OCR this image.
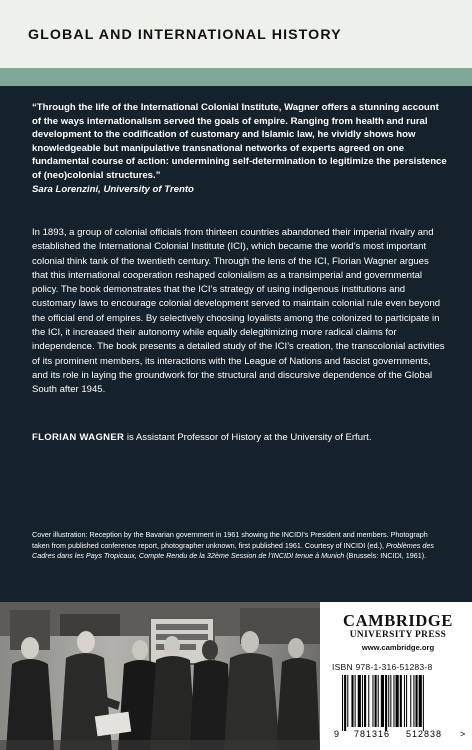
GLOBAL AND INTERNATIONAL HISTORY
“Through the life of the International Colonial Institute, Wagner offers a stunning account of the ways internationalism served the goals of empire. Ranging from health and rural development to the codification of customary and Islamic law, he vividly shows how knowledgeable but manipulative transnational networks of experts agreed on one fundamental course of action: undermining self-determination to legitimize the persistence of (neo)colonial structures.”
Sara Lorenzini, University of Trento
In 1893, a group of colonial officials from thirteen countries abandoned their imperial rivalry and established the International Colonial Institute (ICI), which became the world’s most important colonial think tank of the twentieth century. Through the lens of the ICI, Florian Wagner argues that this international cooperation reshaped colonialism as a transimperial and governmental policy. The book demonstrates that the ICI’s strategy of using indigenous institutions and customary laws to encourage colonial development served to maintain colonial rule even beyond the official end of empires. By selectively choosing loyalists among the colonized to participate in the ICI, it increased their autonomy while equally delegitimizing more radical claims for independence. The book presents a detailed study of the ICI’s creation, the transcolonial activities of its prominent members, its interactions with the League of Nations and fascist governments, and its role in laying the groundwork for the structural and discursive dependence of the Global South after 1945.
FLORIAN WAGNER is Assistant Professor of History at the University of Erfurt.
Cover illustration: Reception by the Bavarian government in 1961 showing the INCIDI’s President and members. Photograph taken from published conference report, photographer unknown, first published 1961. Courtesy of INCIDI (ed.), Problèmes des Cadres dans les Pays Tropicaux, Compte Rendu de la 32ème Session de l’INCIDI tenue à Munich (Brussels: INCIDI, 1961).
CAMBRIDGE
UNIVERSITY PRESS
www.cambridge.org
ISBN 978-1-316-51283-8
9 781316 512838 >
